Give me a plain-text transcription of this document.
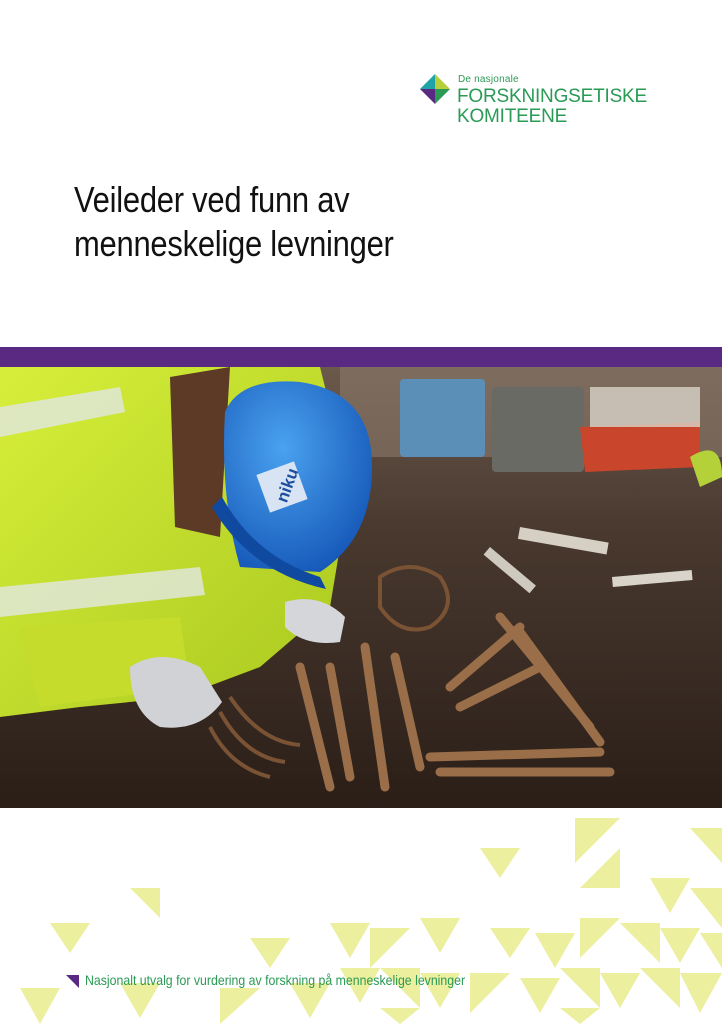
De nasjonale
FORSKNINGSETISKE
KOMITEENE
Veileder ved funn av
menneskelige levninger
niku
Nasjonalt utvalg for vurdering av forskning på menneskelige levninger
